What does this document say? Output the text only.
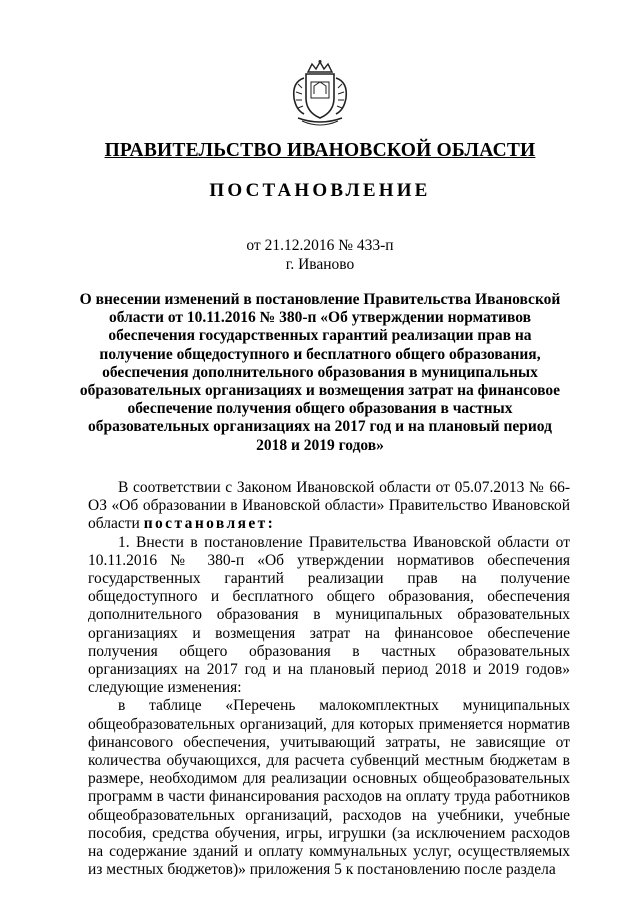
ПРАВИТЕЛЬСТВО ИВАНОВСКОЙ ОБЛАСТИ
ПОСТАНОВЛЕНИЕ
от 21.12.2016 № 433-п
г. Иваново
О внесении изменений в постановление Правительства Ивановской области от 10.11.2016 № 380-п «Об утверждении нормативов обеспечения государственных гарантий реализации прав на получение общедоступного и бесплатного общего образования, обеспечения дополнительного образования в муниципальных образовательных организациях и возмещения затрат на финансовое обеспечение получения общего образования в частных образовательных организациях на 2017 год и на плановый период 2018 и 2019 годов»

В соответствии с Законом Ивановской области от 05.07.2013 № 66-ОЗ «Об образовании в Ивановской области» Правительство Ивановской области постановляет:

1. Внести в постановление Правительства Ивановской области от 10.11.2016 № 380-п «Об утверждении нормативов обеспечения государственных гарантий реализации прав на получение общедоступного и бесплатного общего образования, обеспечения дополнительного образования в муниципальных образовательных организациях и возмещения затрат на финансовое обеспечение получения общего образования в частных образовательных организациях на 2017 год и на плановый период 2018 и 2019 годов» следующие изменения:

в таблице «Перечень малокомплектных муниципальных общеобразовательных организаций, для которых применяется норматив финансового обеспечения, учитывающий затраты, не зависящие от количества обучающихся, для расчета субвенций местным бюджетам в размере, необходимом для реализации основных общеобразовательных программ в части финансирования расходов на оплату труда работников общеобразовательных организаций, расходов на учебники, учебные пособия, средства обучения, игры, игрушки (за исключением расходов на содержание зданий и оплату коммунальных услуг, осуществляемых из местных бюджетов)» приложения 5 к постановлению после раздела
